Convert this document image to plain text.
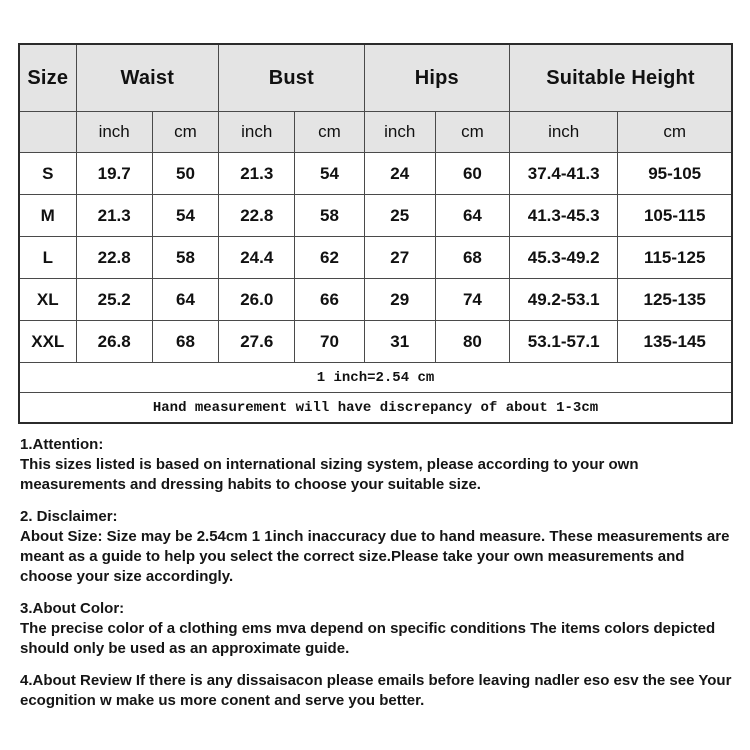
Size	Waist		Bust		Hips		Suitable Height	
	inch	cm	inch	cm	inch	cm	inch	cm
S	19.7	50	21.3	54	24	60	37.4-41.3	95-105
M	21.3	54	22.8	58	25	64	41.3-45.3	105-115
L	22.8	58	24.4	62	27	68	45.3-49.2	115-125
XL	25.2	64	26.0	66	29	74	49.2-53.1	125-135
XXL	26.8	68	27.6	70	31	80	53.1-57.1	135-145
1 inch=2.54 cm								
Hand measurement will have discrepancy of about 1-3cm								
1.Attention:
This sizes listed is based on international sizing system, please according to your own measurements and dressing habits to choose your suitable size.
2. Disclaimer:
About Size: Size may be 2.54cm 1 1inch inaccuracy due to hand measure. These measurements are meant as a guide to help you select the correct size.Please take your own measurements and choose your size accordingly.
3.About Color:
The precise color of a clothing ems mva depend on specific conditions The items colors depicted should only be used as an approximate guide.
4.About Review If there is any dissaisacon please emails before leaving nadler eso esv the see Your ecognition w make us more conent and serve you better.
